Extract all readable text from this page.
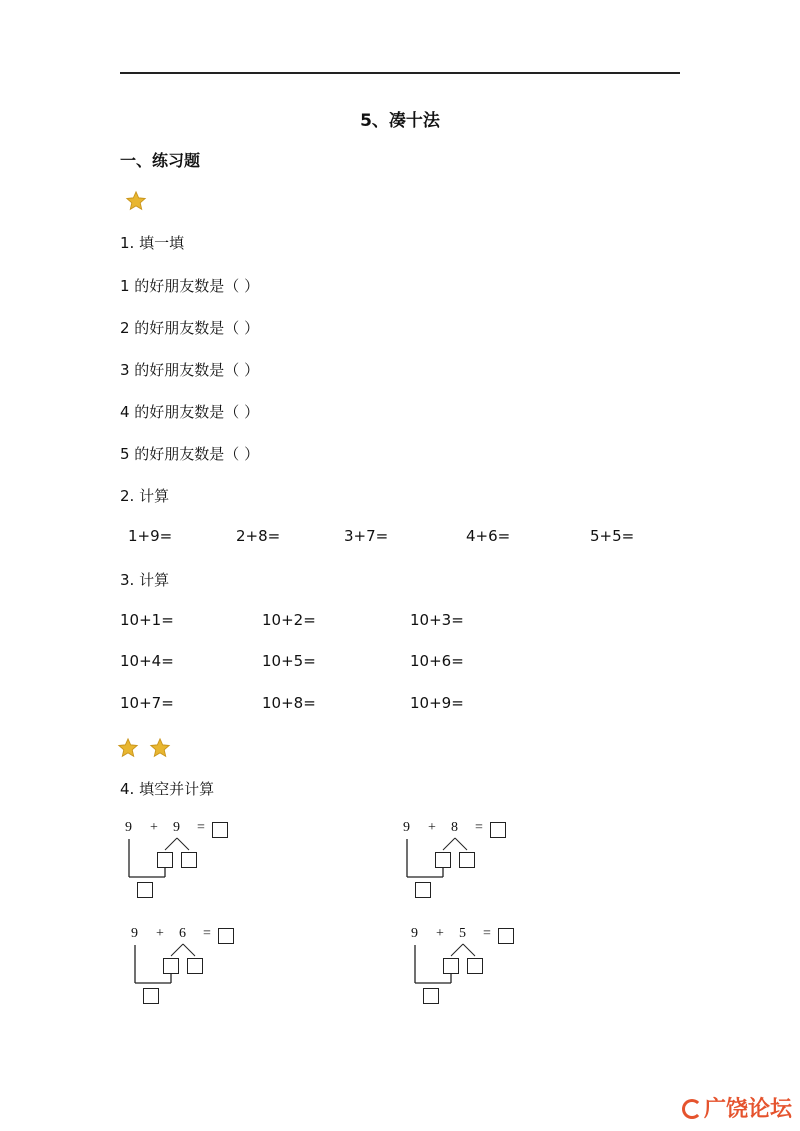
5、凑十法
一、练习题
1. 填一填
1 的好朋友数是（ ）
2 的好朋友数是（ ）
3 的好朋友数是（ ）
4 的好朋友数是（ ）
5 的好朋友数是（ ）
2. 计算
1+9=	2+8=	3+7=	4+6=	5+5=
3. 计算
10+1=	10+2=	10+3=
10+4=	10+5=	10+6=
10+7=	10+8=	10+9=
4. 填空并计算
9 + 9 =	9 + 8 =
9 + 6 =	9 + 5 =
广饶论坛
